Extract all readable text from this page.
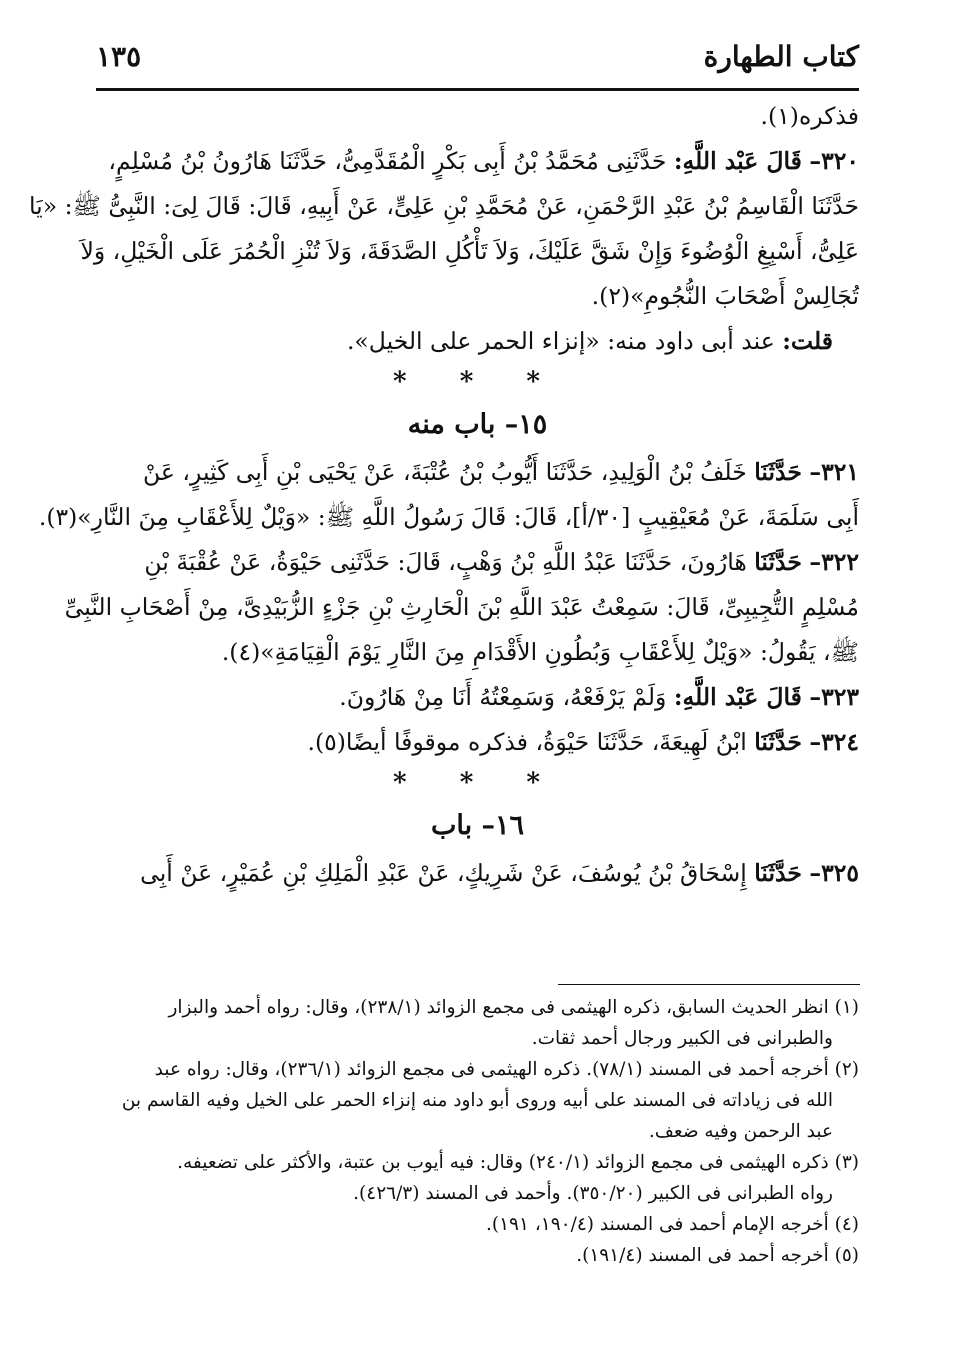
كتاب الطهارة
١٣٥
فذكره(١).
٣٢٠– قَالَ عَبْد اللَّهِ: حَدَّثَنِى مُحَمَّدُ بْنُ أَبِى بَكْرٍ الْمُقَدَّمِىُّ، حَدَّثَنَا هَارُونُ بْنُ مُسْلِمٍ،
حَدَّثَنَا الْقَاسِمُ بْنُ عَبْدِ الرَّحْمَنِ، عَنْ مُحَمَّدِ بْنِ عَلِىٍّ، عَنْ أَبِيهِ، قَالَ: قَالَ لِىَ: النَّبِىُّ ﷺ: «يَا
عَلِىُّ، أَسْبِغِ الْوُضُوءَ وَإِنْ شَقَّ عَلَيْكَ، وَلاَ تَأْكُلِ الصَّدَقَةَ، وَلاَ تُنْزِ الْحُمُرَ عَلَى الْخَيْلِ، وَلاَ
تُجَالِسْ أَصْحَابَ النُّجُومِ»(٢).
قلت: عند أبى داود منه: «إنزاء الحمر على الخيل».
* * *
١٥– باب منه
٣٢١– حَدَّثَنَا خَلَفُ بْنُ الْوَلِيدِ، حَدَّثَنَا أَيُّوبُ بْنُ عُتْبَةَ، عَنْ يَحْيَى بْنِ أَبِى كَثِيرٍ، عَنْ
أَبِى سَلَمَةَ، عَنْ مُعَيْقِيبٍ [٣٠/أ]، قَالَ: قَالَ رَسُولُ اللَّهِ ﷺ: «وَيْلٌ لِلأَعْقَابِ مِنَ النَّارِ»(٣).
٣٢٢– حَدَّثَنَا هَارُونَ، حَدَّثَنَا عَبْدُ اللَّهِ بْنُ وَهْبٍ، قَالَ: حَدَّثَنِى حَيْوَةُ، عَنْ عُقْبَةَ بْنِ
مُسْلِمٍ التُّجِيبِىِّ، قَالَ: سَمِعْتُ عَبْدَ اللَّهِ بْنَ الْحَارِثِ بْنِ جَزْءٍ الزُّبَيْدِىَّ، مِنْ أَصْحَابِ النَّبِىِّ
ﷺ، يَقُولُ: «وَيْلٌ لِلأَعْقَابِ وَبُطُونِ الأَقْدَامِ مِنَ النَّارِ يَوْمَ الْقِيَامَةِ»(٤).
٣٢٣– قَالَ عَبْد اللَّهِ: وَلَمْ يَرْفَعْهُ، وَسَمِعْتُهُ أَنَا مِنْ هَارُونَ.
٣٢٤– حَدَّثَنَا ابْنُ لَهِيعَةَ، حَدَّثَنَا حَيْوَةُ، فذكره موقوفًا أيضًا(٥).
* * *
١٦– باب
٣٢٥– حَدَّثَنَا إِسْحَاقُ بْنُ يُوسُفَ، عَنْ شَرِيكٍ، عَنْ عَبْدِ الْمَلِكِ بْنِ عُمَيْرٍ، عَنْ أَبِى
(١) انظر الحديث السابق، ذكره الهيثمى فى مجمع الزوائد (٢٣٨/١)، وقال: رواه أحمد والبزار
والطبرانى فى الكبير ورجال أحمد ثقات.
(٢) أخرجه أحمد فى المسند (٧٨/١). ذكره الهيثمى فى مجمع الزوائد (٢٣٦/١)، وقال: رواه عبد
الله فى زياداته فى المسند على أبيه وروى أبو داود منه إنزاء الحمر على الخيل وفيه القاسم بن
عبد الرحمن وفيه ضعف.
(٣) ذكره الهيثمى فى مجمع الزوائد (٢٤٠/١) وقال: فيه أيوب بن عتبة، والأكثر على تضعيفه.
رواه الطبرانى فى الكبير (٣٥٠/٢٠). وأحمد فى المسند (٤٢٦/٣).
(٤) أخرجه الإمام أحمد فى المسند (١٩٠/٤، ١٩١).
(٥) أخرجه أحمد فى المسند (١٩١/٤).
